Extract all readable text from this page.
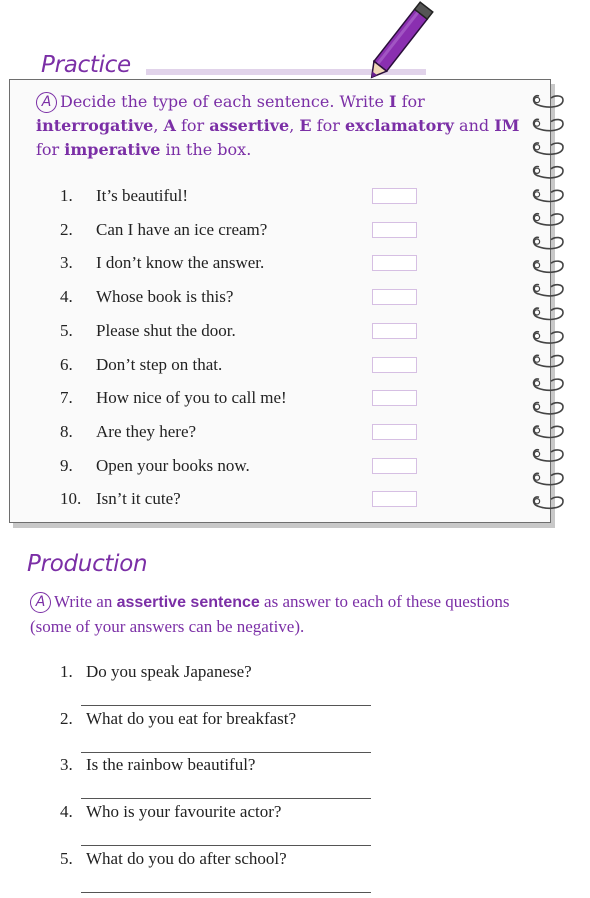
Practice
A Decide the type of each sentence. Write I for interrogative, A for assertive, E for exclamatory and IM for imperative in the box.
1. It’s beautiful!
2. Can I have an ice cream?
3. I don’t know the answer.
4. Whose book is this?
5. Please shut the door.
6. Don’t step on that.
7. How nice of you to call me!
8. Are they here?
9. Open your books now.
10. Isn’t it cute?
Production
A Write an assertive sentence as answer to each of these questions
(some of your answers can be negative).
1. Do you speak Japanese?
2. What do you eat for breakfast?
3. Is the rainbow beautiful?
4. Who is your favourite actor?
5. What do you do after school?
